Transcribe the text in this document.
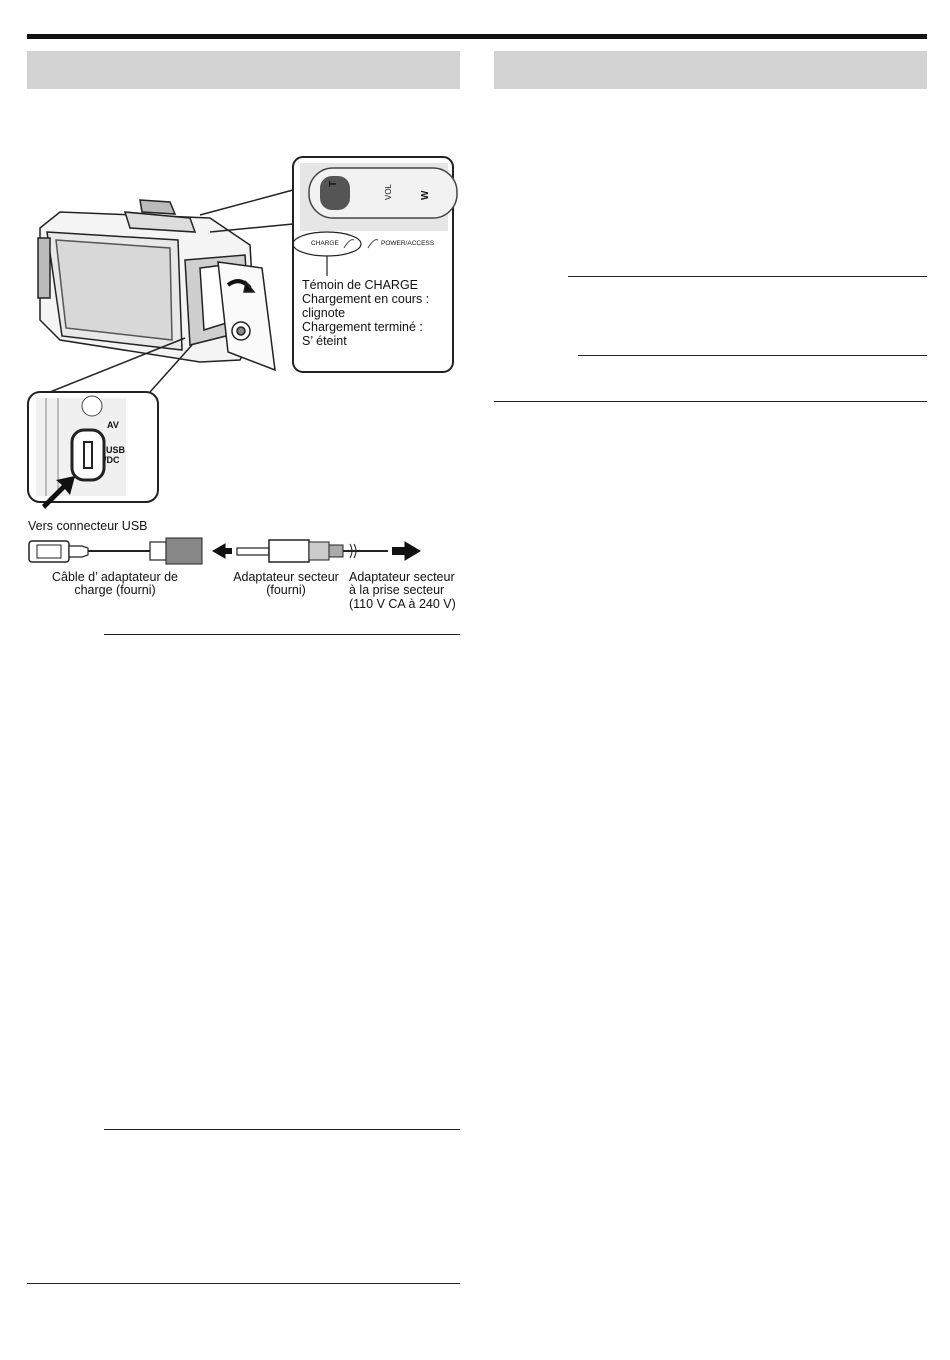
T
VOL	W
CHARGE	POWER/ACCESS
Témoin de CHARGE
Chargement en cours :
clignote
Chargement terminé :
S’ éteint
AV
USB
/DC
Vers connecteur USB
Câble d’ adaptateur de
charge (fourni)
Adaptateur secteur
(fourni)
Adaptateur secteur
à la prise secteur
(110 V CA à 240 V)
